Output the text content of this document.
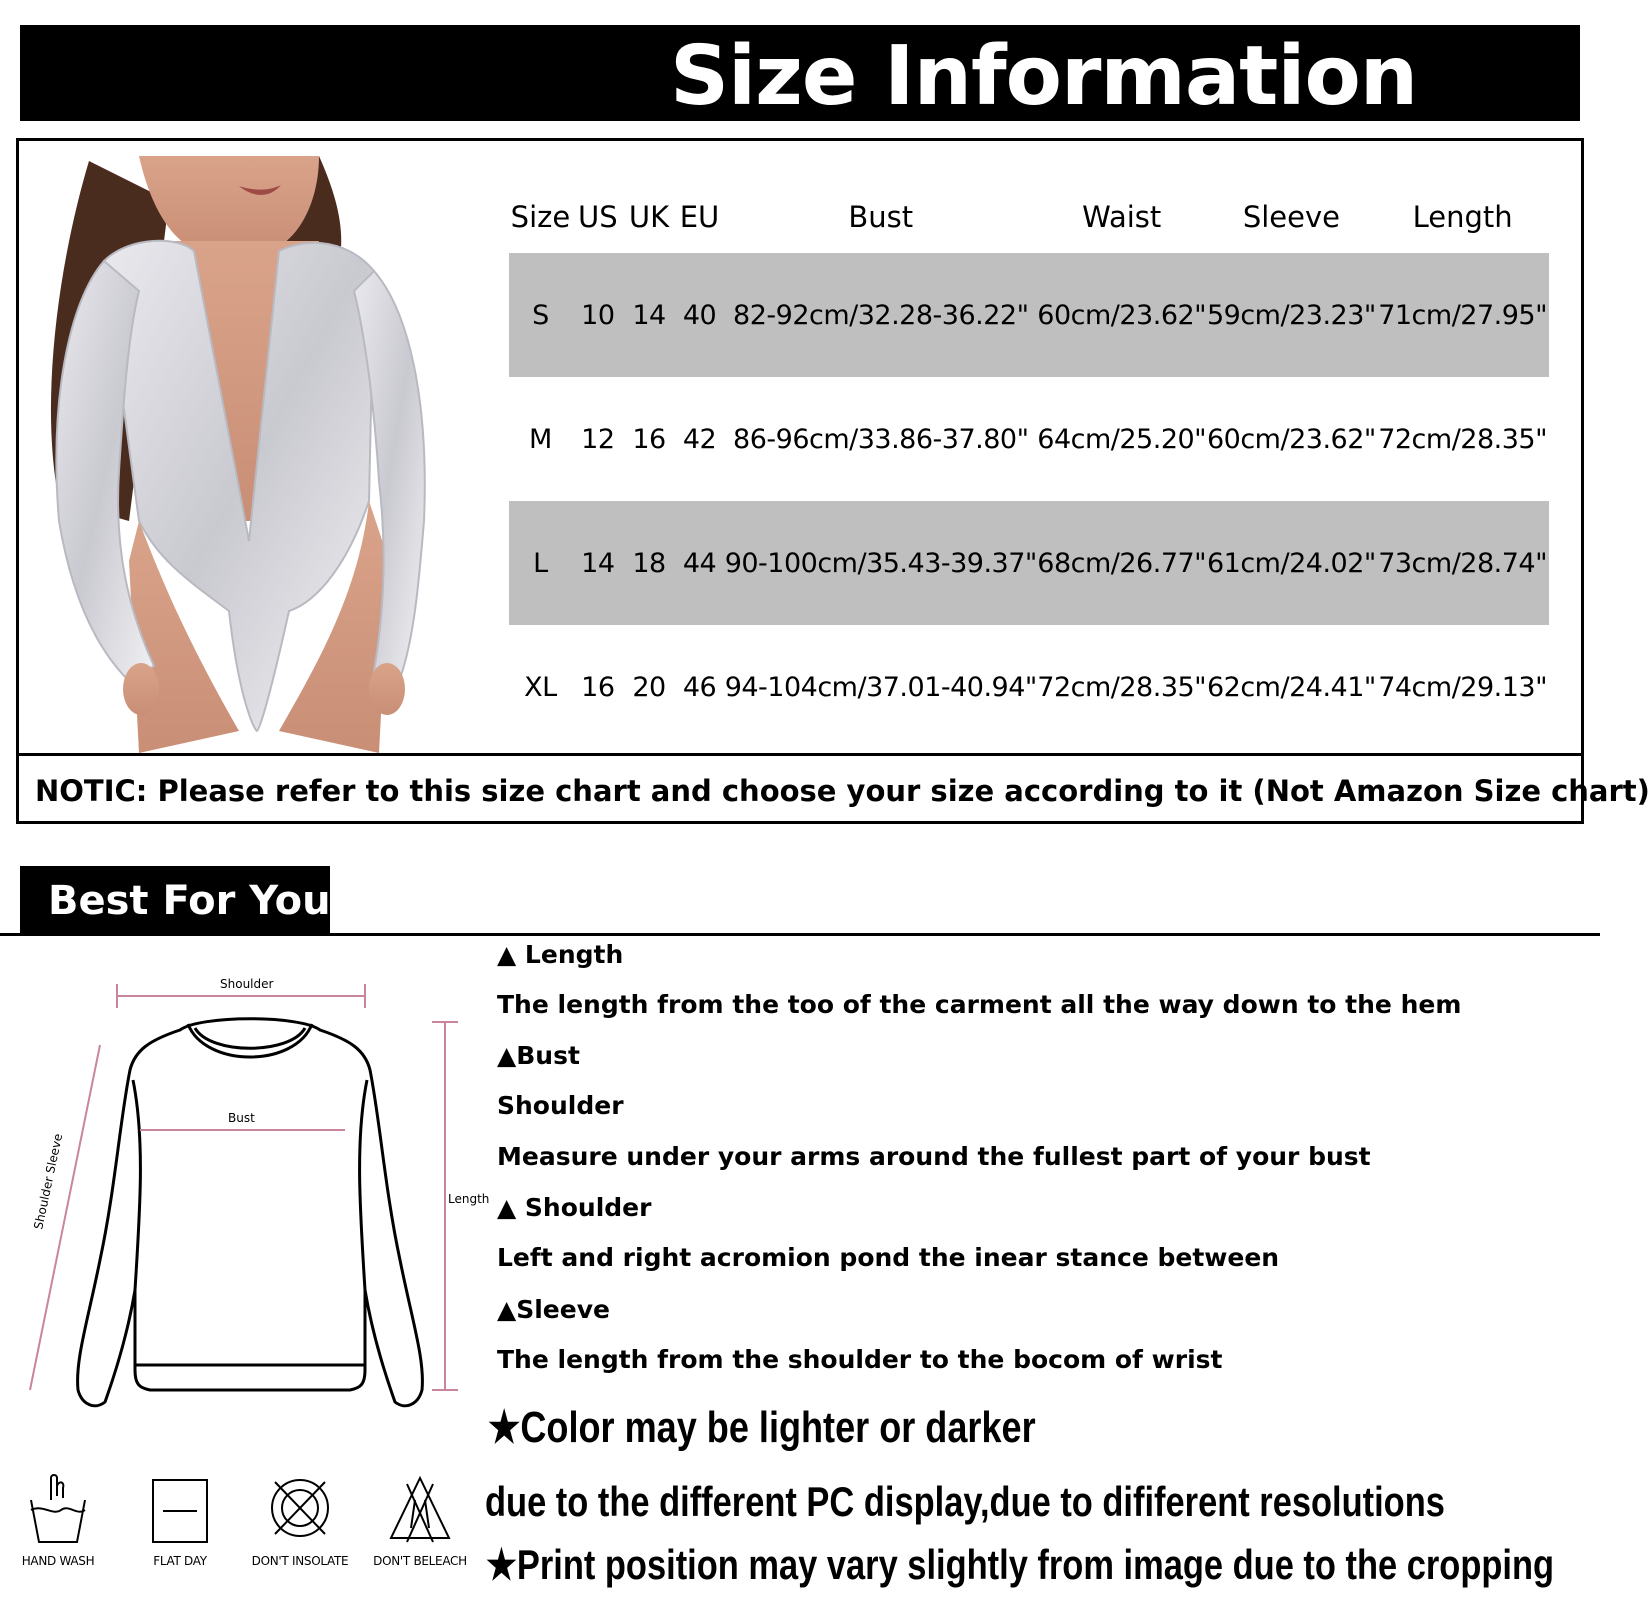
Size Information
Size	US	UK	EU	Bust	Waist	Sleeve	Length
S	10	14	40	82-92cm/32.28-36.22"	60cm/23.62"	59cm/23.23"	71cm/27.95"
M	12	16	42	86-96cm/33.86-37.80"	64cm/25.20"	60cm/23.62"	72cm/28.35"
L	14	18	44	90-100cm/35.43-39.37"	68cm/26.77"	61cm/24.02"	73cm/28.74"
XL	16	20	46	94-104cm/37.01-40.94"	72cm/28.35"	62cm/24.41"	74cm/29.13"
NOTIC: Please refer to this size chart and choose your size according to it (Not Amazon Size chart)
Best For You
Shoulder
Bust
Shoulder Sleeve	Length
▲ Length
The length from the too of the carment all the way down to the hem
▲Bust
Shoulder
Measure under your arms around the fullest part of your bust
▲ Shoulder
Left and right acromion pond the inear stance between
▲Sleeve
The length from the shoulder to the bocom of wrist
★Color may be lighter or darker
due to the different PC display,due to dififerent resolutions
★Print position may vary slightly from image due to the cropping
HAND WASH	FLAT DAY	DON'T INSOLATE	DON'T BELEACH
